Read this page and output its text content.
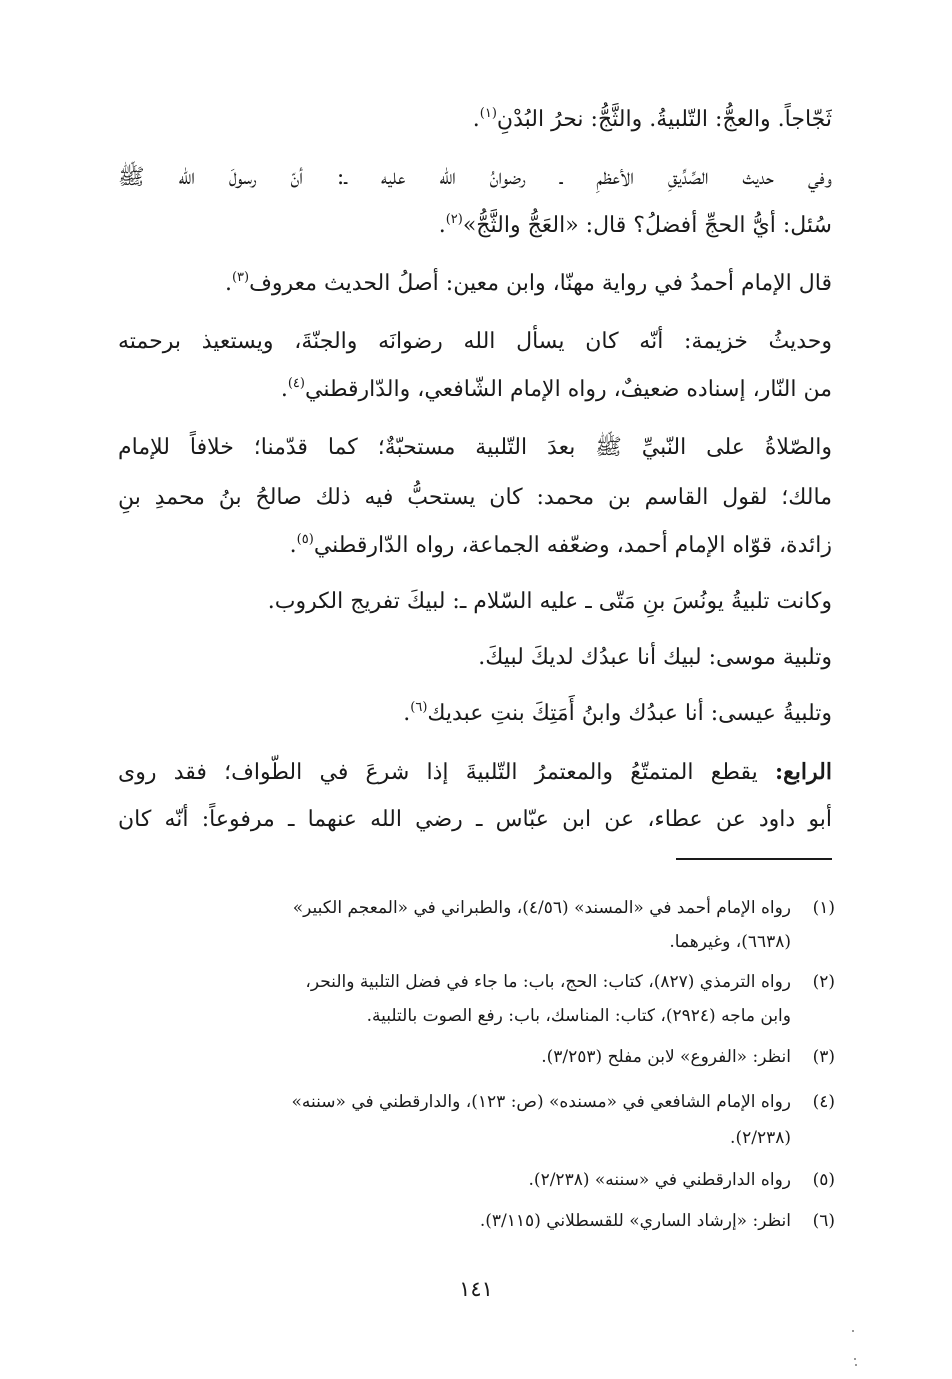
ثَجّاجاً. والعجُّ: التّلبيةُ. والثَّجُّ: نحرُ البُدْنِ$^{(١)}$.
وفي حديث الصِّدِّيقِ الأعظمِ ـ رضوانُ الله عليه ـ: أنّ رسولَ الله ﷺ
سُئل: أيُّ الحجِّ أفضلُ؟ قال: «العَجُّ والثَّجُّ»$^{(٢)}$.
قال الإمام أحمدُ في رواية مهنّا، وابن معين: أصلُ الحديث معروف$^{(٣)}$.
وحديثُ خزيمة: أنّه كان يسأل الله رضوانَه والجنّةَ، ويستعيذ برحمته
من النّار، إسناده ضعيفٌ، رواه الإمام الشّافعي، والدّارقطني$^{(٤)}$.
والصّلاةُ على النّبيِّ ﷺ بعدَ التّلبية مستحبّةٌ؛ كما قدّمنا؛ خلافاً للإمام
مالك؛ لقول القاسم بن محمد: كان يستحبُّ فيه ذلك صالحُ بنُ محمدِ بنِ
زائدة، قوّاه الإمام أحمد، وضعّفه الجماعة، رواه الدّارقطني$^{(٥)}$.
وكانت تلبيةُ يونُسَ بنِ مَتّى ـ عليه السّلام ـ: لبيكَ تفريج الكروب.
وتلبية موسى: لبيك أنا عبدُك لديكَ لبيكَ.
وتلبيةُ عيسى: أنا عبدُك وابنُ أَمَتِكَ بنتِ عبديك$^{(٦)}$.
الرابع: يقطع المتمتّعُ والمعتمرُ التّلبيةَ إذا شرعَ في الطّواف؛ فقد روى
أبو داود عن عطاء، عن ابن عبّاس ـ رضي الله عنهما ـ مرفوعاً: أنّه كان
(١)رواه الإمام أحمد في «المسند» (٤/٥٦)، والطبراني في «المعجم الكبير»
(٦٦٣٨)، وغيرهما.
(٢)رواه الترمذي (٨٢٧)، كتاب: الحج، باب: ما جاء في فضل التلبية والنحر،
وابن ماجه (٢٩٢٤)، كتاب: المناسك، باب: رفع الصوت بالتلبية.
(٣)انظر: «الفروع» لابن مفلح (٣/٢٥٣).
(٤)رواه الإمام الشافعي في «مسنده» (ص: ١٢٣)، والدارقطني في «سننه»
(٢/٢٣٨).
(٥)رواه الدارقطني في «سننه» (٢/٢٣٨).
(٦)انظر: «إرشاد الساري» للقسطلاني (٣/١١٥).
١٤١
